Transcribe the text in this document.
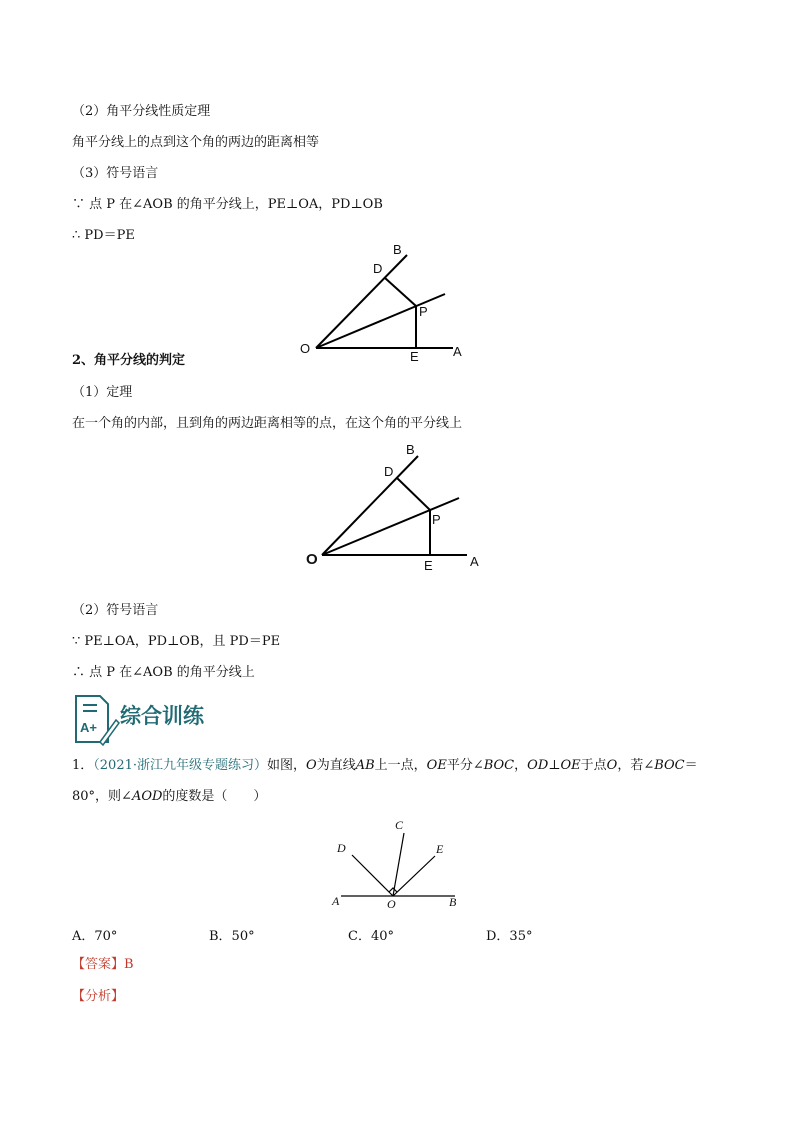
（2）角平分线性质定理
角平分线上的点到这个角的两边的距离相等
（3）符号语言
∵ 点 P 在∠AOB 的角平分线上，PE⊥OA，PD⊥OB
∴ PD＝PE
B
D
P
O
E	A
2、角平分线的判定
（1）定理
在一个角的内部，且到角的两边距离相等的点，在这个角的平分线上
B
D
P
O	E	A
（2）符号语言
∵ PE⊥OA，PD⊥OB，且 PD＝PE
∴ 点 P 在∠AOB 的角平分线上
A+ 综合训练
1．（2021·浙江九年级专题练习）如图，O为直线AB上一点，OE平分∠BOC，OD⊥OE于点O，若∠BOC＝
80°，则∠AOD的度数是（　　）
C
D	E
A	O	B
A．70°	B．50°	C．40°	D．35°
【答案】B
【分析】
